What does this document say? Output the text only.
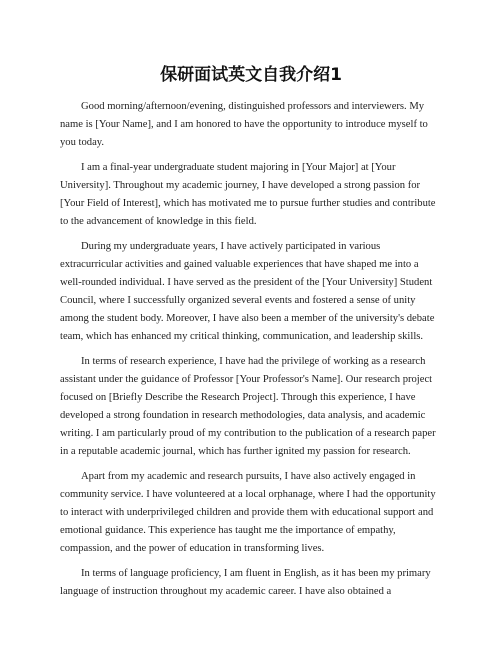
保研面试英文自我介绍1

Good morning/afternoon/evening, distinguished professors and interviewers. My
name is [Your Name], and I am honored to have the opportunity to introduce myself to
you today.

I am a final-year undergraduate student majoring in [Your Major] at [Your
University]. Throughout my academic journey, I have developed a strong passion for
[Your Field of Interest], which has motivated me to pursue further studies and contribute
to the advancement of knowledge in this field.

During my undergraduate years, I have actively participated in various
extracurricular activities and gained valuable experiences that have shaped me into a
well-rounded individual. I have served as the president of the [Your University] Student
Council, where I successfully organized several events and fostered a sense of unity
among the student body. Moreover, I have also been a member of the university's debate
team, which has enhanced my critical thinking, communication, and leadership skills.

In terms of research experience, I have had the privilege of working as a research
assistant under the guidance of Professor [Your Professor's Name]. Our research project
focused on [Briefly Describe the Research Project]. Through this experience, I have
developed a strong foundation in research methodologies, data analysis, and academic
writing. I am particularly proud of my contribution to the publication of a research paper
in a reputable academic journal, which has further ignited my passion for research.

Apart from my academic and research pursuits, I have also actively engaged in
community service. I have volunteered at a local orphanage, where I had the opportunity
to interact with underprivileged children and provide them with educational support and
emotional guidance. This experience has taught me the importance of empathy,
compassion, and the power of education in transforming lives.

In terms of language proficiency, I am fluent in English, as it has been my primary
language of instruction throughout my academic career. I have also obtained a
